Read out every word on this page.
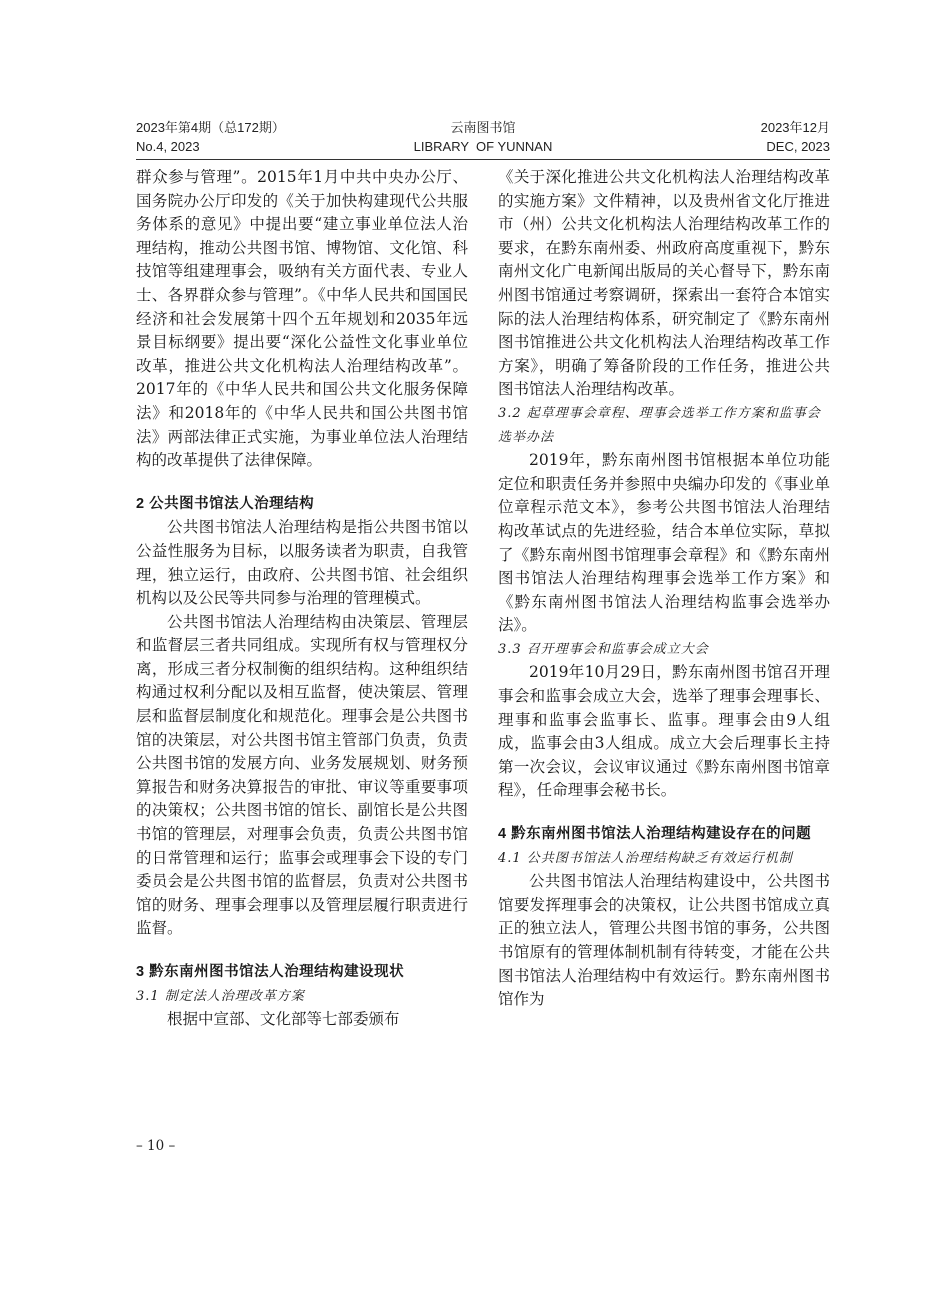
2023年第4期（总172期）
No.4, 2023
云南图书馆
LIBRARY  OF YUNNAN
2023年12月
DEC, 2023

群众参与管理”。2015年1月中共中央办公厅、国务院办公厅印发的《关于加快构建现代公共服务体系的意见》中提出要“建立事业单位法人治理结构，推动公共图书馆、博物馆、文化馆、科技馆等组建理事会，吸纳有关方面代表、专业人士、各界群众参与管理”。《中华人民共和国国民经济和社会发展第十四个五年规划和2035年远景目标纲要》提出要“深化公益性文化事业单位改革，推进公共文化机构法人治理结构改革”。2017年的《中华人民共和国公共文化服务保障法》和2018年的《中华人民共和国公共图书馆法》两部法律正式实施，为事业单位法人治理结构的改革提供了法律保障。

2 公共图书馆法人治理结构

公共图书馆法人治理结构是指公共图书馆以公益性服务为目标，以服务读者为职责，自我管理，独立运行，由政府、公共图书馆、社会组织机构以及公民等共同参与治理的管理模式。

公共图书馆法人治理结构由决策层、管理层和监督层三者共同组成。实现所有权与管理权分离，形成三者分权制衡的组织结构。这种组织结构通过权利分配以及相互监督，使决策层、管理层和监督层制度化和规范化。理事会是公共图书馆的决策层，对公共图书馆主管部门负责，负责公共图书馆的发展方向、业务发展规划、财务预算报告和财务决算报告的审批、审议等重要事项的决策权；公共图书馆的馆长、副馆长是公共图书馆的管理层，对理事会负责，负责公共图书馆的日常管理和运行；监事会或理事会下设的专门委员会是公共图书馆的监督层，负责对公共图书馆的财务、理事会理事以及管理层履行职责进行监督。

3 黔东南州图书馆法人治理结构建设现状
3.1 制定法人治理改革方案

根据中宣部、文化部等七部委颁布

《关于深化推进公共文化机构法人治理结构改革的实施方案》文件精神，以及贵州省文化厅推进市（州）公共文化机构法人治理结构改革工作的要求，在黔东南州委、州政府高度重视下，黔东南州文化广电新闻出版局的关心督导下，黔东南州图书馆通过考察调研，探索出一套符合本馆实际的法人治理结构体系，研究制定了《黔东南州图书馆推进公共文化机构法人治理结构改革工作方案》，明确了筹备阶段的工作任务，推进公共图书馆法人治理结构改革。

3.2 起草理事会章程、理事会选举工作方案和监事会选举办法

2019年，黔东南州图书馆根据本单位功能定位和职责任务并参照中央编办印发的《事业单位章程示范文本》，参考公共图书馆法人治理结构改革试点的先进经验，结合本单位实际，草拟了《黔东南州图书馆理事会章程》和《黔东南州图书馆法人治理结构理事会选举工作方案》和《黔东南州图书馆法人治理结构监事会选举办法》。

3.3 召开理事会和监事会成立大会

2019年10月29日，黔东南州图书馆召开理事会和监事会成立大会，选举了理事会理事长、理事和监事会监事长、监事。理事会由9人组成，监事会由3人组成。成立大会后理事长主持第一次会议，会议审议通过《黔东南州图书馆章程》，任命理事会秘书长。

4 黔东南州图书馆法人治理结构建设存在的问题
4.1 公共图书馆法人治理结构缺乏有效运行机制

公共图书馆法人治理结构建设中，公共图书馆要发挥理事会的决策权，让公共图书馆成立真正的独立法人，管理公共图书馆的事务，公共图书馆原有的管理体制机制有待转变，才能在公共图书馆法人治理结构中有效运行。黔东南州图书馆作为

– 10 –
